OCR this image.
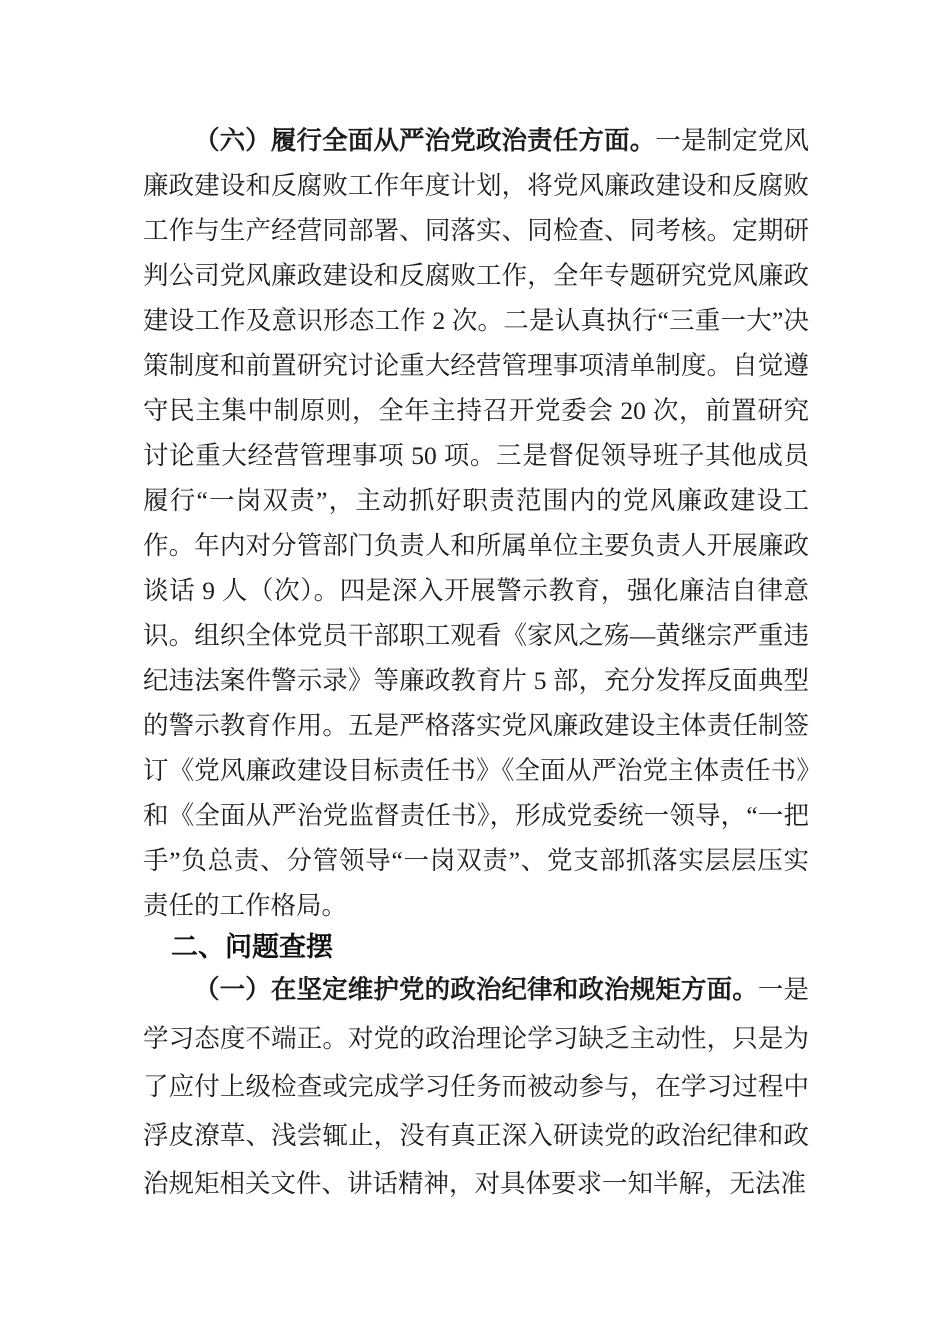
（六）履行全面从严治党政治责任方面。一是制定党风廉政建设和反腐败工作年度计划，将党风廉政建设和反腐败工作与生产经营同部署、同落实、同检查、同考核。定期研判公司党风廉政建设和反腐败工作，全年专题研究党风廉政建设工作及意识形态工作 2 次。二是认真执行“三重一大”决策制度和前置研究讨论重大经营管理事项清单制度。自觉遵守民主集中制原则，全年主持召开党委会 20 次，前置研究讨论重大经营管理事项 50 项。三是督促领导班子其他成员履行“一岗双责”，主动抓好职责范围内的党风廉政建设工作。年内对分管部门负责人和所属单位主要负责人开展廉政谈话 9 人（次）。四是深入开展警示教育，强化廉洁自律意识。组织全体党员干部职工观看《家风之殇—黄继宗严重违纪违法案件警示录》等廉政教育片 5 部，充分发挥反面典型的警示教育作用。五是严格落实党风廉政建设主体责任制签订《党风廉政建设目标责任书》《全面从严治党主体责任书》和《全面从严治党监督责任书》，形成党委统一领导，“一把手”负总责、分管领导“一岗双责”、党支部抓落实层层压实责任的工作格局。

二、问题查摆

（一）在坚定维护党的政治纪律和政治规矩方面。一是学习态度不端正。对党的政治理论学习缺乏主动性，只是为了应付上级检查或完成学习任务而被动参与，在学习过程中浮皮潦草、浅尝辄止，没有真正深入研读党的政治纪律和政治规矩相关文件、讲话精神，对具体要求一知半解，无法准
